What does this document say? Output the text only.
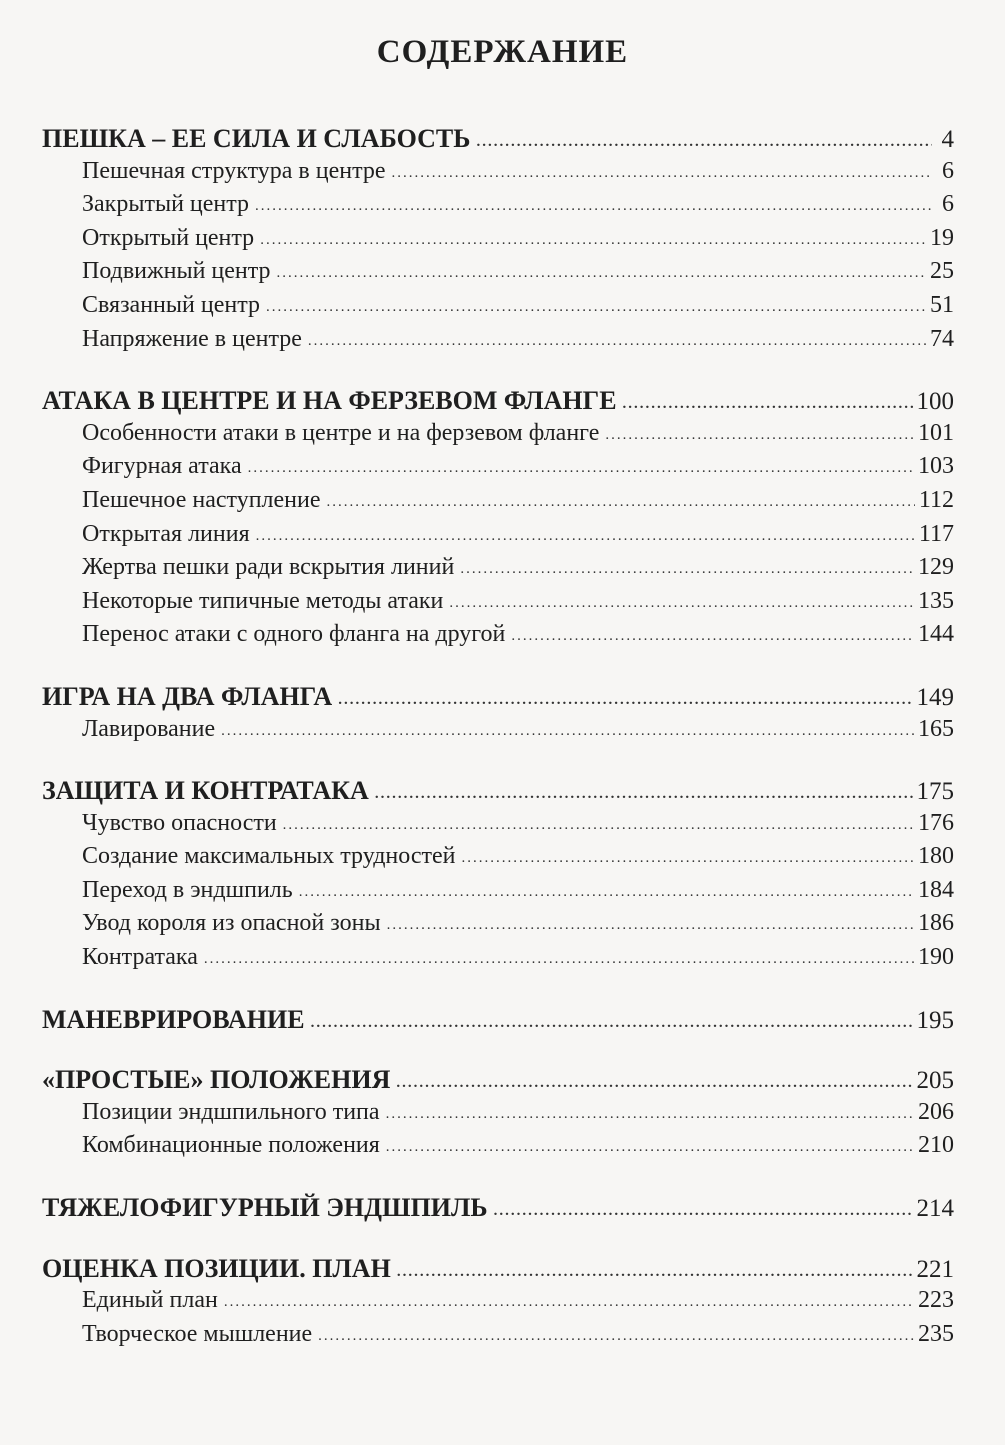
СОДЕРЖАНИЕ
ПЕШКА – ЕЕ СИЛА И СЛАБОСТЬ .....	4
Пешечная структура в центре .....	6
Закрытый центр .....	6
Открытый центр .....	19
Подвижный центр .....	25
Связанный центр .....	51
Напряжение в центре .....	74
АТАКА В ЦЕНТРЕ И НА ФЕРЗЕВОМ ФЛАНГЕ .....	100
Особенности атаки в центре и на ферзевом фланге .....	101
Фигурная атака .....	103
Пешечное наступление .....	112
Открытая линия .....	117
Жертва пешки ради вскрытия линий .....	129
Некоторые типичные методы атаки .....	135
Перенос атаки с одного фланга на другой .....	144
ИГРА НА ДВА ФЛАНГА .....	149
Лавирование .....	165
ЗАЩИТА И КОНТРАТАКА .....	175
Чувство опасности .....	176
Создание максимальных трудностей .....	180
Переход в эндшпиль .....	184
Увод короля из опасной зоны .....	186
Контратака .....	190
МАНЕВРИРОВАНИЕ .....	195
«ПРОСТЫЕ» ПОЛОЖЕНИЯ .....	205
Позиции эндшпильного типа .....	206
Комбинационные положения .....	210
ТЯЖЕЛОФИГУРНЫЙ ЭНДШПИЛЬ .....	214
ОЦЕНКА ПОЗИЦИИ. ПЛАН .....	221
Единый план .....	223
Творческое мышление .....	235
